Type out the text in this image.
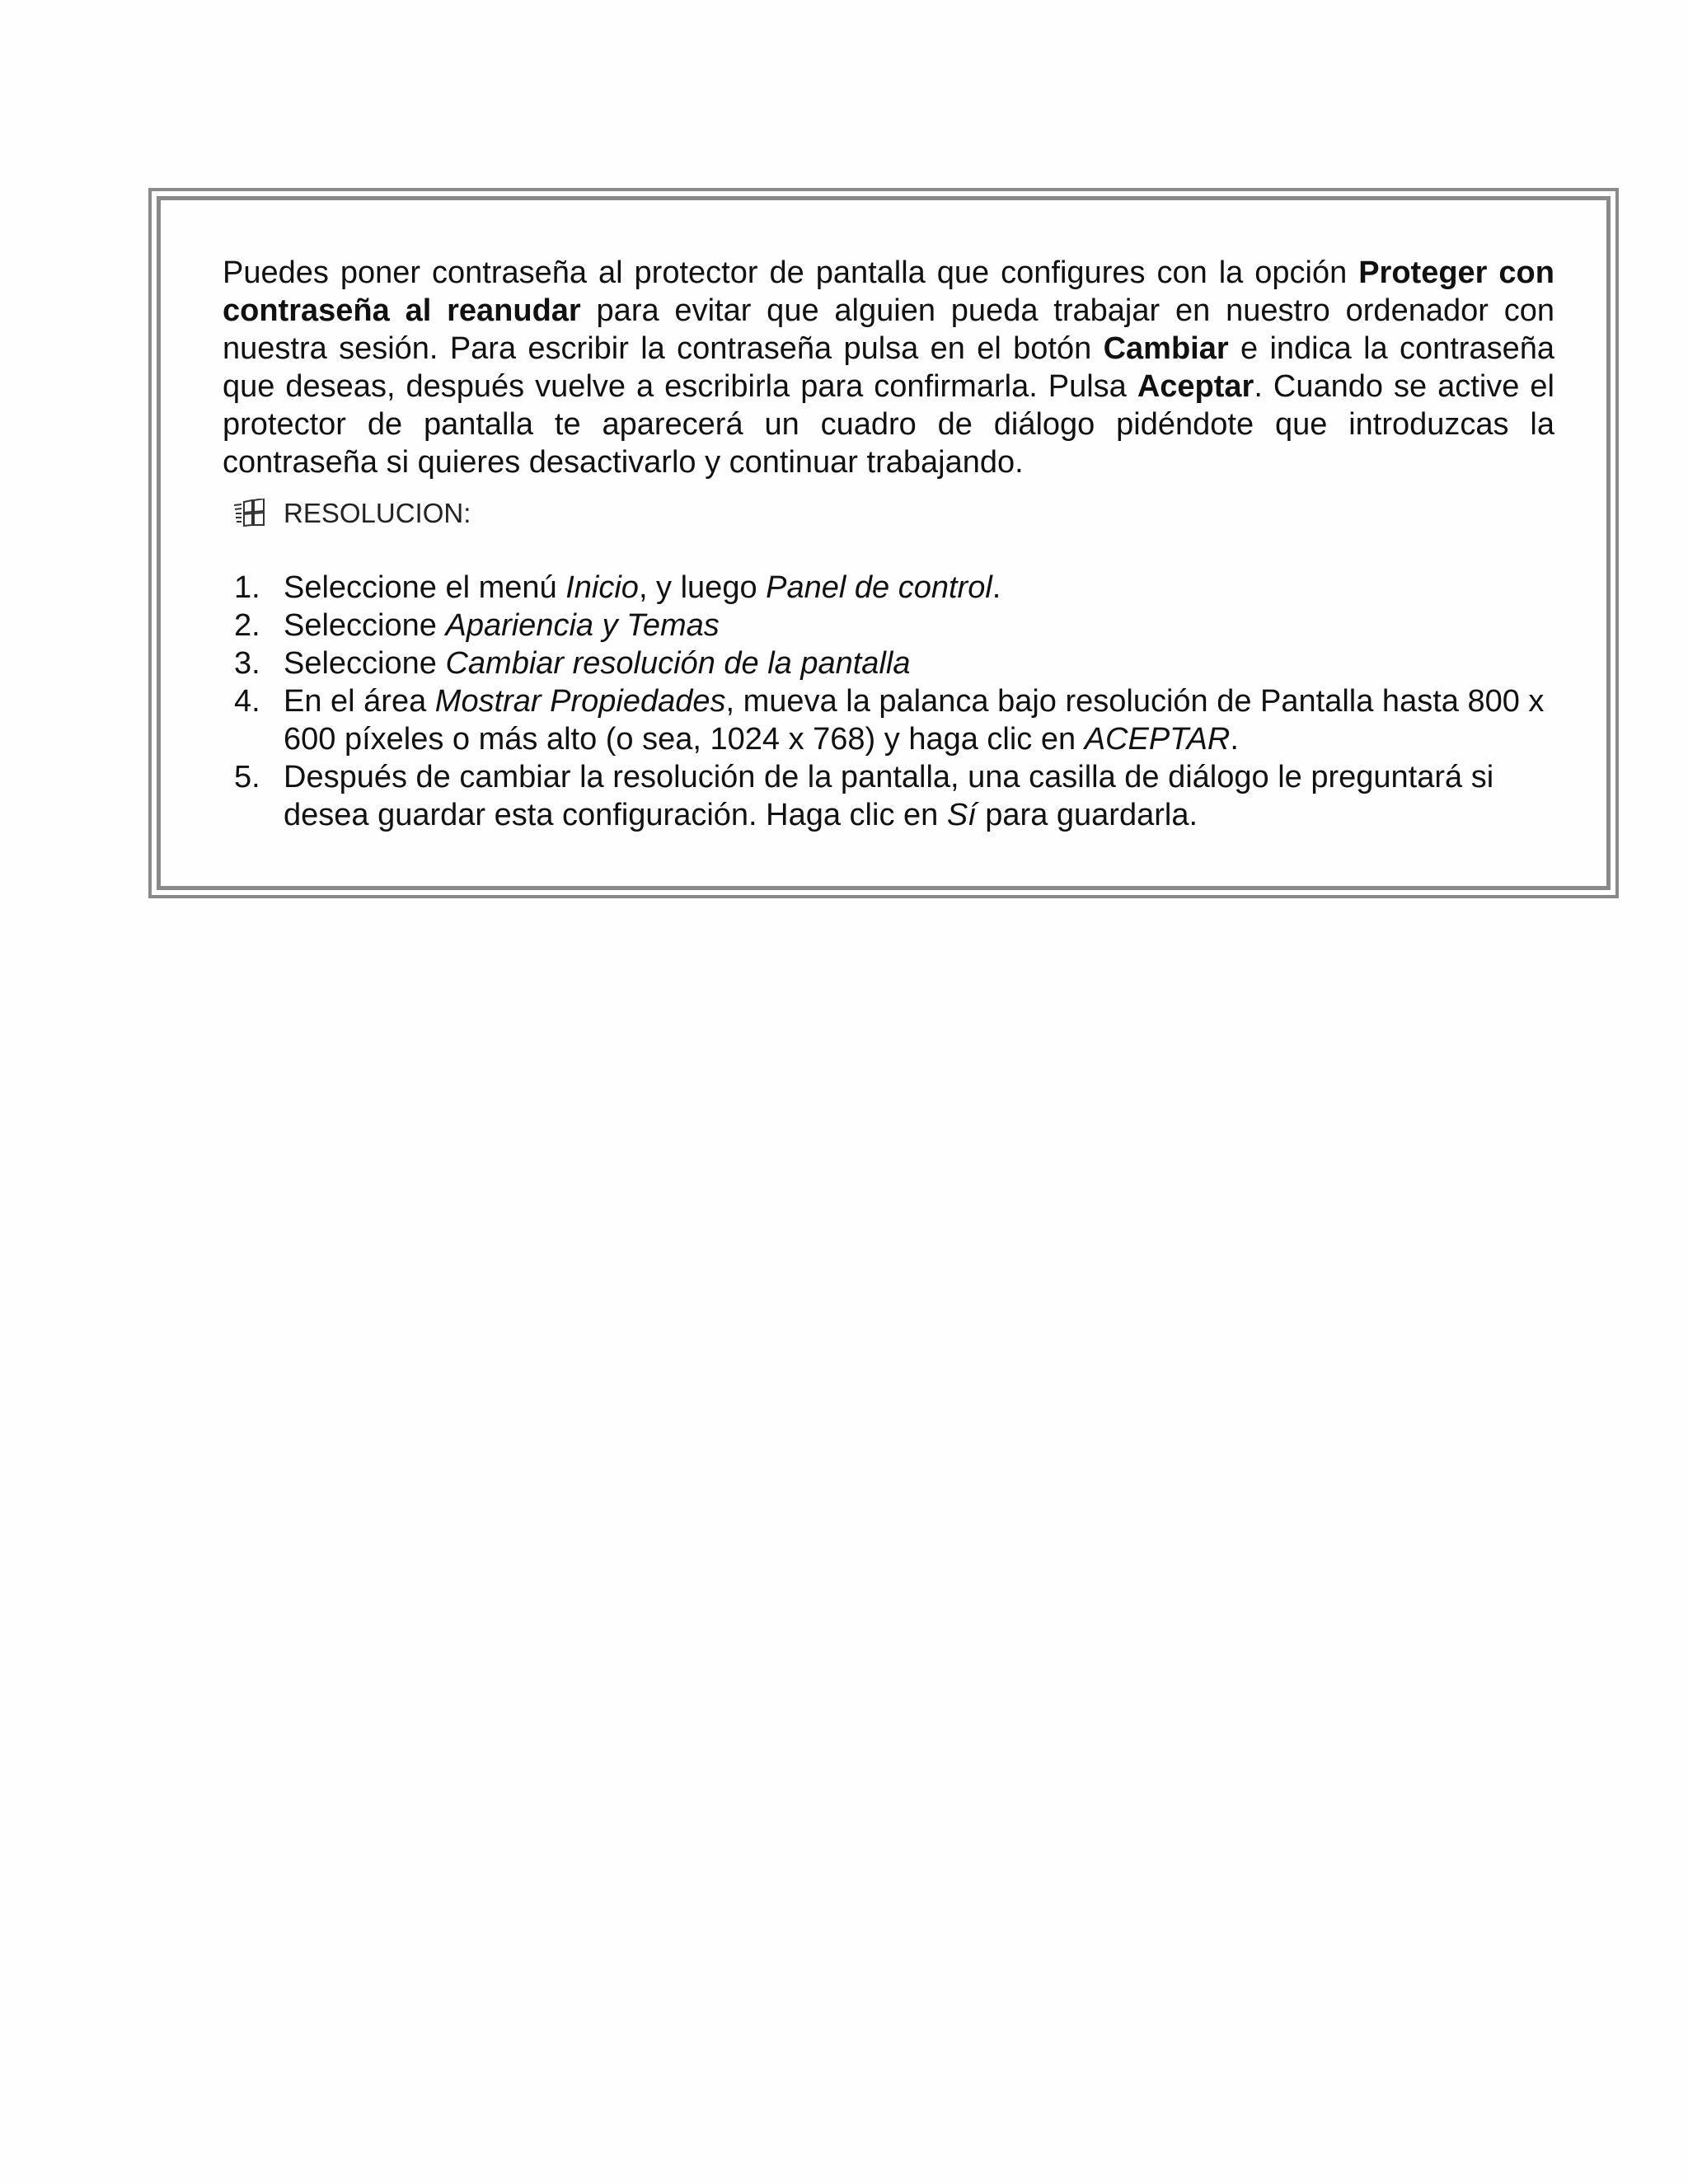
Puedes poner contraseña al protector de pantalla que configures con la opción Proteger con contraseña al reanudar para evitar que alguien pueda trabajar en nuestro ordenador con nuestra sesión. Para escribir la contraseña pulsa en el botón Cambiar e indica la contraseña que deseas, después vuelve a escribirla para confirmarla. Pulsa Aceptar. Cuando se active el protector de pantalla te aparecerá un cuadro de diálogo pidéndote que introduzcas la contraseña si quieres desactivarlo y continuar trabajando.

RESOLUCION:
1. Seleccione el menú Inicio, y luego Panel de control.
2. Seleccione Apariencia y Temas
3. Seleccione Cambiar resolución de la pantalla
4. En el área Mostrar Propiedades, mueva la palanca bajo resolución de Pantalla hasta 800 x 600 píxeles o más alto (o sea, 1024 x 768) y haga clic en ACEPTAR.
5. Después de cambiar la resolución de la pantalla, una casilla de diálogo le preguntará si desea guardar esta configuración. Haga clic en Sí para guardarla.
